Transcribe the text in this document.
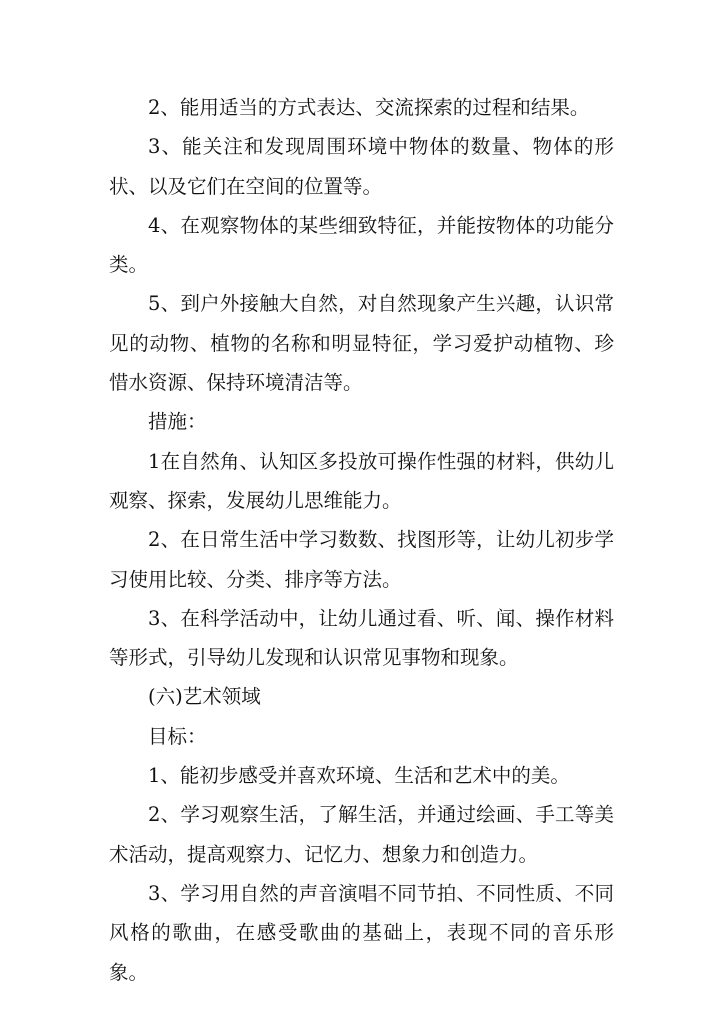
2、能用适当的方式表达、交流探索的过程和结果。

3、能关注和发现周围环境中物体的数量、物体的形状、以及它们在空间的位置等。

4、在观察物体的某些细致特征，并能按物体的功能分类。

5、到户外接触大自然，对自然现象产生兴趣，认识常见的动物、植物的名称和明显特征，学习爱护动植物、珍惜水资源、保持环境清洁等。

措施：

1在自然角、认知区多投放可操作性强的材料，供幼儿观察、探索，发展幼儿思维能力。

2、在日常生活中学习数数、找图形等，让幼儿初步学习使用比较、分类、排序等方法。

3、在科学活动中，让幼儿通过看、听、闻、操作材料等形式，引导幼儿发现和认识常见事物和现象。

(六)艺术领域

目标：

1、能初步感受并喜欢环境、生活和艺术中的美。

2、学习观察生活，了解生活，并通过绘画、手工等美术活动，提高观察力、记忆力、想象力和创造力。

3、学习用自然的声音演唱不同节拍、不同性质、不同风格的歌曲，在感受歌曲的基础上，表现不同的音乐形象。
